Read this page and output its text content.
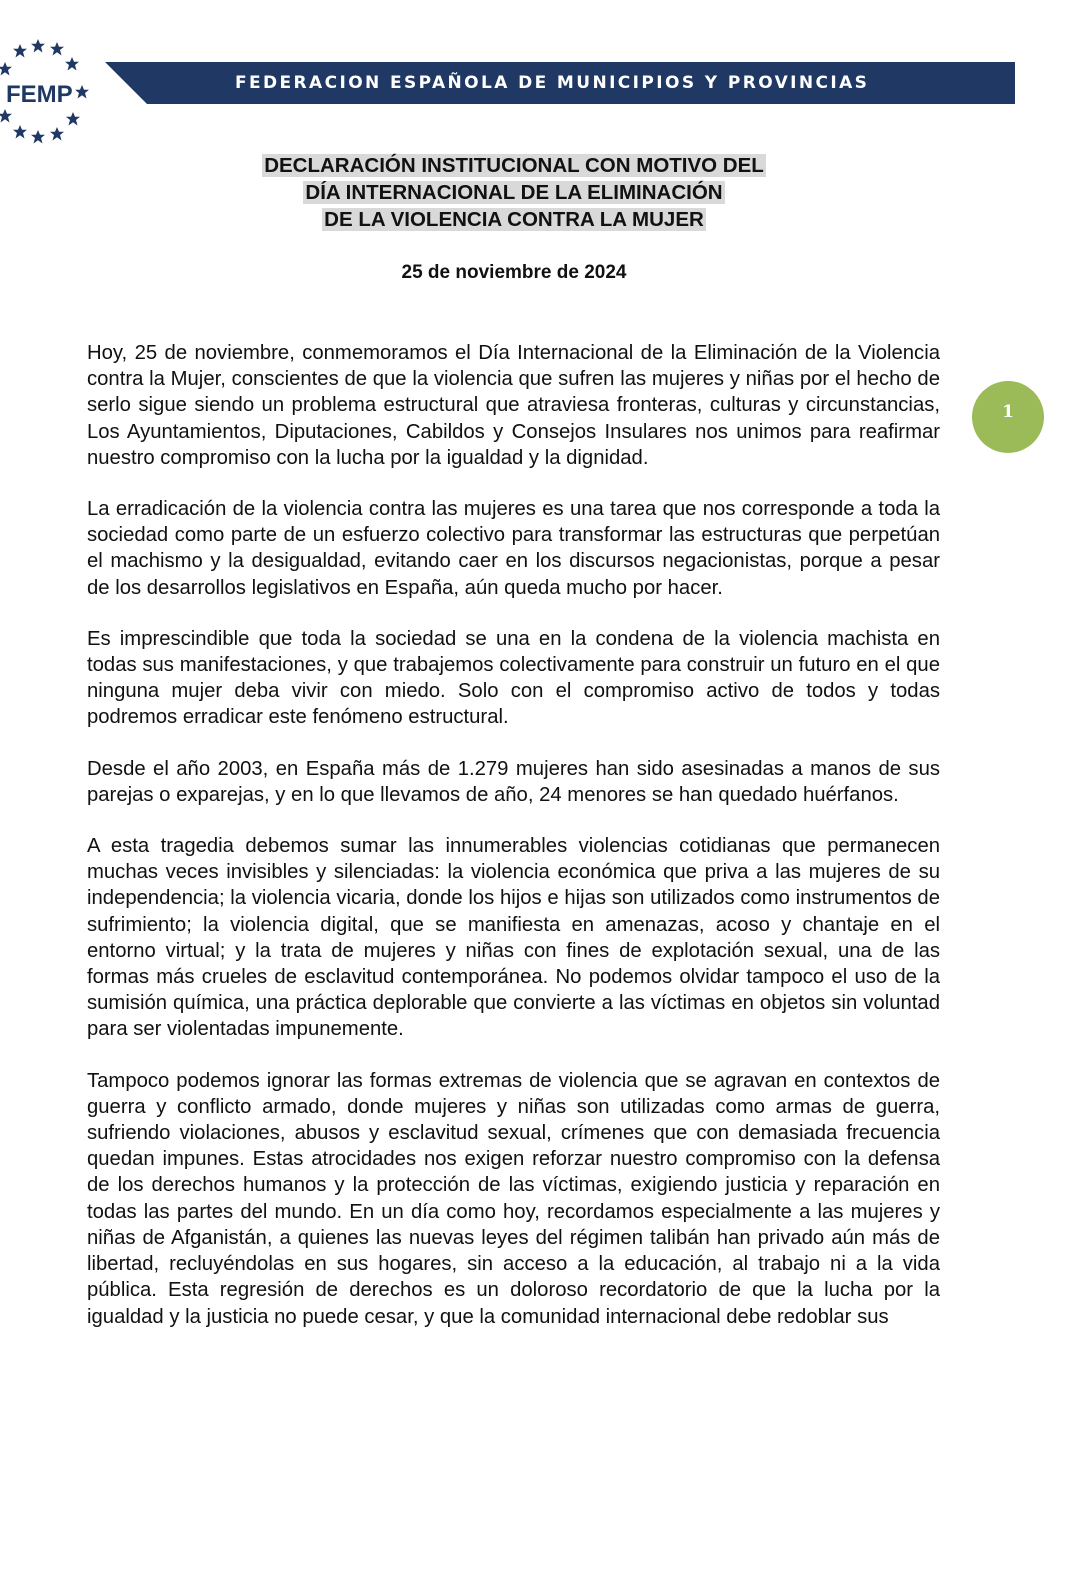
FEMP	FEDERACION ESPAÑOLA DE MUNICIPIOS Y PROVINCIAS
1
DECLARACIÓN INSTITUCIONAL CON MOTIVO DEL
DÍA INTERNACIONAL DE LA ELIMINACIÓN
DE LA VIOLENCIA CONTRA LA MUJER
25 de noviembre de 2024

Hoy, 25 de noviembre, conmemoramos el Día Internacional de la Eliminación de la Violencia contra la Mujer, conscientes de que la violencia que sufren las mujeres y niñas por el hecho de serlo sigue siendo un problema estructural que atraviesa fronteras, culturas y circunstancias, Los Ayuntamientos, Diputaciones, Cabildos y Consejos Insulares nos unimos para reafirmar nuestro compromiso con la lucha por la igualdad y la dignidad.

La erradicación de la violencia contra las mujeres es una tarea que nos corresponde a toda la sociedad como parte de un esfuerzo colectivo para transformar las estructuras que perpetúan el machismo y la desigualdad, evitando caer en los discursos negacionistas, porque a pesar de los desarrollos legislativos en España, aún queda mucho por hacer.

Es imprescindible que toda la sociedad se una en la condena de la violencia machista en todas sus manifestaciones, y que trabajemos colectivamente para construir un futuro en el que ninguna mujer deba vivir con miedo. Solo con el compromiso activo de todos y todas podremos erradicar este fenómeno estructural.

Desde el año 2003, en España más de 1.279 mujeres han sido asesinadas a manos de sus parejas o exparejas, y en lo que llevamos de año, 24 menores se han quedado huérfanos.

A esta tragedia debemos sumar las innumerables violencias cotidianas que permanecen muchas veces invisibles y silenciadas: la violencia económica que priva a las mujeres de su independencia; la violencia vicaria, donde los hijos e hijas son utilizados como instrumentos de sufrimiento; la violencia digital, que se manifiesta en amenazas, acoso y chantaje en el entorno virtual; y la trata de mujeres y niñas con fines de explotación sexual, una de las formas más crueles de esclavitud contemporánea. No podemos olvidar tampoco el uso de la sumisión química, una práctica deplorable que convierte a las víctimas en objetos sin voluntad para ser violentadas impunemente.

Tampoco podemos ignorar las formas extremas de violencia que se agravan en contextos de guerra y conflicto armado, donde mujeres y niñas son utilizadas como armas de guerra, sufriendo violaciones, abusos y esclavitud sexual, crímenes que con demasiada frecuencia quedan impunes. Estas atrocidades nos exigen reforzar nuestro compromiso con la defensa de los derechos humanos y la protección de las víctimas, exigiendo justicia y reparación en todas las partes del mundo. En un día como hoy, recordamos especialmente a las mujeres y niñas de Afganistán, a quienes las nuevas leyes del régimen talibán han privado aún más de libertad, recluyéndolas en sus hogares, sin acceso a la educación, al trabajo ni a la vida pública. Esta regresión de derechos es un doloroso recordatorio de que la lucha por la igualdad y la justicia no puede cesar, y que la comunidad internacional debe redoblar sus
